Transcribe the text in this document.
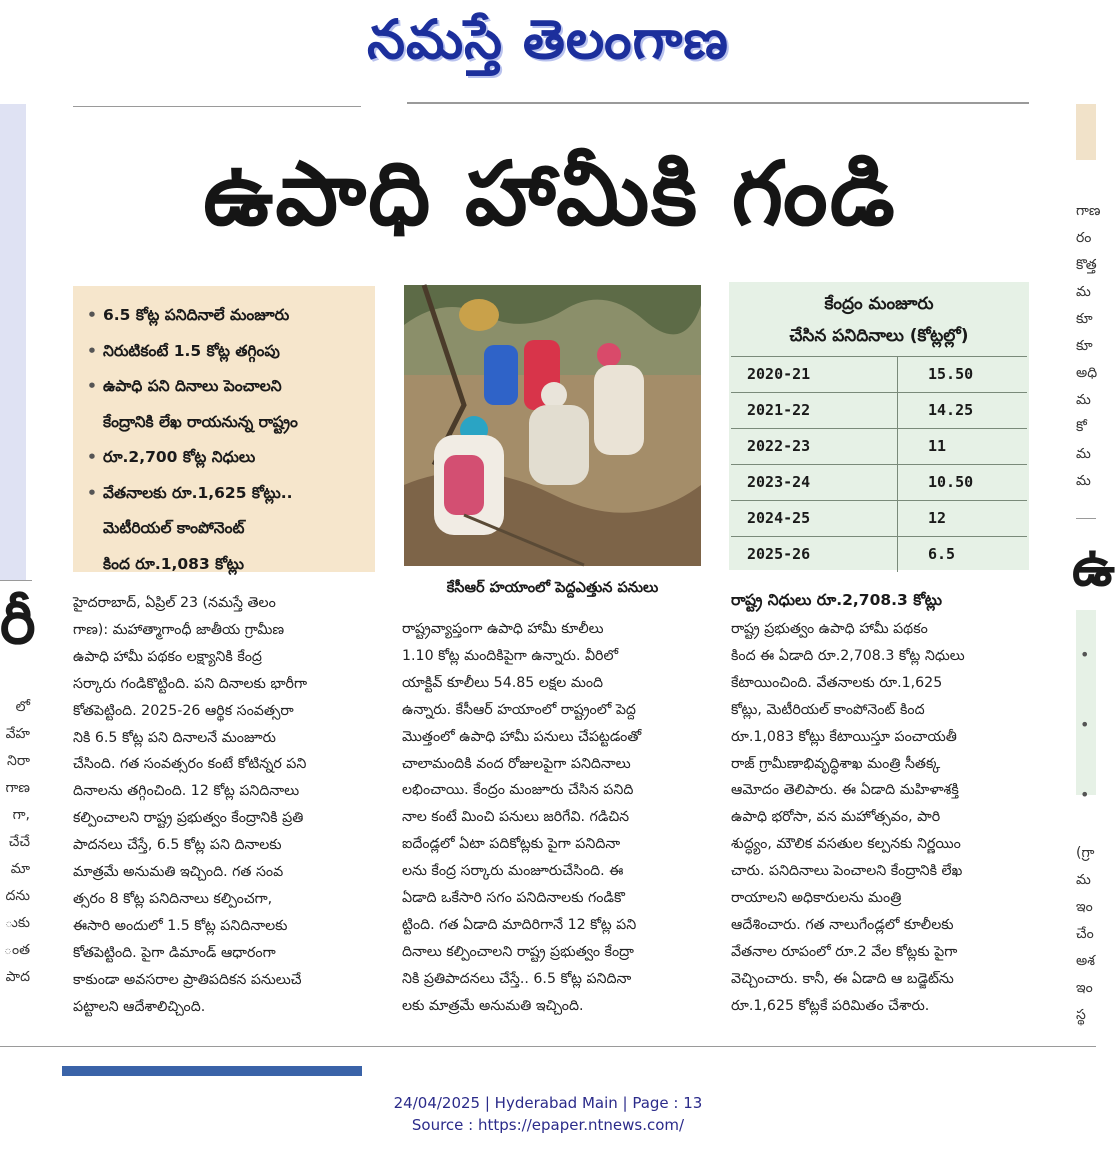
నమస్తే తెలంగాణ
ఉపాధి హామీకి గండి
• 6.5 కోట్ల పనిదినాలే మంజూరు
• నిరుటికంటే 1.5 కోట్ల తగ్గింపు
• ఉపాధి పని దినాలు పెంచాలని
కేంద్రానికి లేఖ రాయనున్న రాష్ట్రం
• రూ.2,700 కోట్ల నిధులు
• వేతనాలకు రూ.1,625 కోట్లు..
మెటీరియల్ కాంపోనెంట్
కింద రూ.1,083 కోట్లు
కేసీఆర్ హయాంలో పెద్దఎత్తున పనులు
కేంద్రం మంజూరు
చేసిన పనిదినాలు (కోట్లల్లో)
2020-21	15.50
2021-22	14.25
2022-23	11
2023-24	10.50
2024-25	12
2025-26	6.5
హైదరాబాద్, ఏప్రిల్ 23 (నమస్తే తెలం
గాణ): మహాత్మాగాంధీ జాతీయ గ్రామీణ
ఉపాధి హామీ పథకం లక్ష్యానికి కేంద్ర
సర్కారు గండికొట్టింది. పని దినాలకు భారీగా
కోతపెట్టింది. 2025-26 ఆర్థిక సంవత్సరా
నికి 6.5 కోట్ల పని దినాలనే మంజూరు
చేసింది. గత సంవత్సరం కంటే కోటిన్నర పని
దినాలను తగ్గించింది. 12 కోట్ల పనిదినాలు
కల్పించాలని రాష్ట్ర ప్రభుత్వం కేంద్రానికి ప్రతి
పాదనలు చేస్తే, 6.5 కోట్ల పని దినాలకు
మాత్రమే అనుమతి ఇచ్చింది. గత సంవ
త్సరం 8 కోట్ల పనిదినాలు కల్పించగా,
ఈసారి అందులో 1.5 కోట్ల పనిదినాలకు
కోతపెట్టింది. పైగా డిమాండ్ ఆధారంగా
కాకుండా అవసరాల ప్రాతిపదికన పనులుచే
పట్టాలని ఆదేశాలిచ్చింది.
రాష్ట్రవ్యాప్తంగా ఉపాధి హామీ కూలీలు
1.10 కోట్ల మందికిపైగా ఉన్నారు. వీరిలో
యాక్టివ్ కూలీలు 54.85 లక్షల మంది
ఉన్నారు. కేసీఆర్ హయాంలో రాష్ట్రంలో పెద్ద
మొత్తంలో ఉపాధి హామీ పనులు చేపట్టడంతో
చాలామందికి వంద రోజులపైగా పనిదినాలు
లభించాయి. కేంద్రం మంజూరు చేసిన పనిది
నాల కంటే మించి పనులు జరిగేవి. గడిచిన
ఐదేండ్లలో ఏటా పదికోట్లకు పైగా పనిదినా
లను కేంద్ర సర్కారు మంజూరుచేసింది. ఈ
ఏడాది ఒకేసారి సగం పనిదినాలకు గండికొ
ట్టింది. గత ఏడాది మాదిరిగానే 12 కోట్ల పని
దినాలు కల్పించాలని రాష్ట్ర ప్రభుత్వం కేంద్రా
నికి ప్రతిపాదనలు చేస్తే.. 6.5 కోట్ల పనిదినా
లకు మాత్రమే అనుమతి ఇచ్చింది.
రాష్ట్ర నిధులు రూ.2,708.3 కోట్లు
రాష్ట్ర ప్రభుత్వం ఉపాధి హామీ పథకం
కింద ఈ ఏడాది రూ.2,708.3 కోట్ల నిధులు
కేటాయించింది. వేతనాలకు రూ.1,625
కోట్లు, మెటీరియల్ కాంపోనెంట్ కింద
రూ.1,083 కోట్లు కేటాయిస్తూ పంచాయతీ
రాజ్ గ్రామీణాభివృద్ధిశాఖ మంత్రి సీతక్క
ఆమోదం తెలిపారు. ఈ ఏడాది మహిళాశక్తి
ఉపాధి భరోసా, వన మహోత్సవం, పారి
శుద్ధ్యం, మౌలిక వసతుల కల్పనకు నిర్ణయిం
చారు. పనిదినాలు పెంచాలని కేంద్రానికి లేఖ
రాయాలని అధికారులను మంత్రి
ఆదేశించారు. గత నాలుగేండ్లలో కూలీలకు
వేతనాల రూపంలో రూ.2 వేల కోట్లకు పైగా
వెచ్చించారు. కానీ, ఈ ఏడాది ఆ బడ్జెట్‌ను
రూ.1,625 కోట్లకే పరిమితం చేశారు.
రీ
లో
వేహ
నిరా
గాణ
గా,
చేచే
మా
దను
ుకు
ంత
పాద
గాణ
రం
కొత్త
మ
కూ
కూ
అధి
మ
కో
మ
మ
ఉ
•
•
•
(గ్రా
మ
ఇం
చేం
అశ
ఇం
స్థ
24/04/2025 | Hyderabad Main | Page : 13
Source : https://epaper.ntnews.com/
